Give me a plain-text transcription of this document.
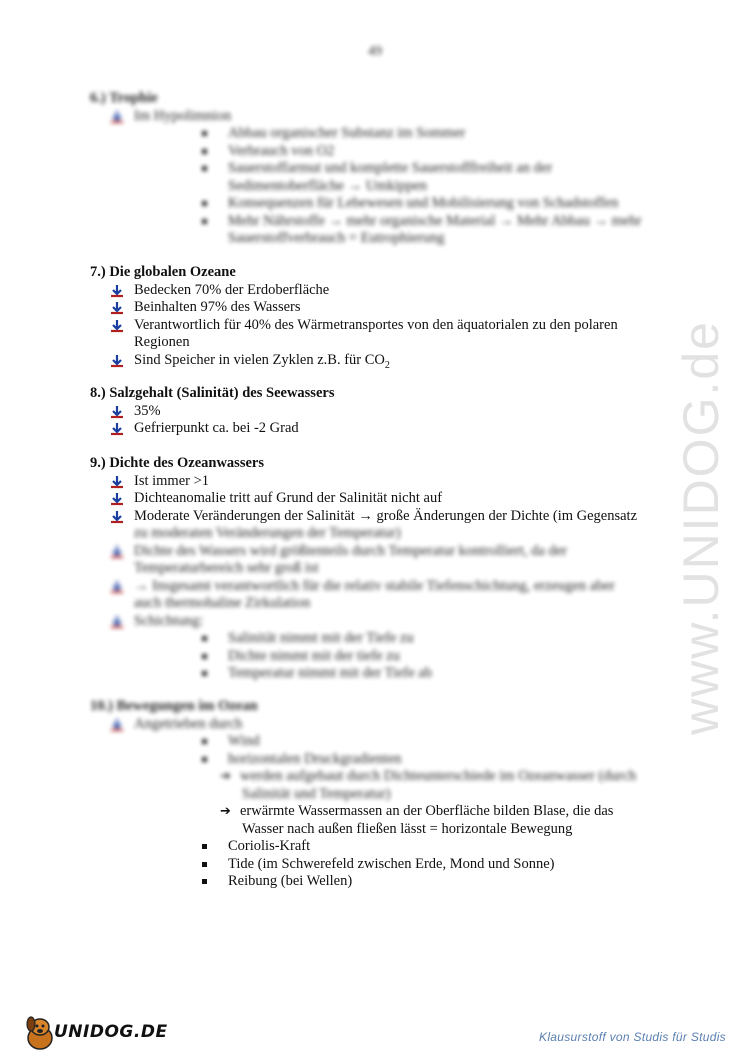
49
www.UNIDOG.de
6.) Trophie
Im Hypolimnion
Abbau organischer Substanz im Sommer
Verbrauch von O2
Sauerstoffarmut und komplette Sauerstofffreiheit an der
Sedimentoberfläche → Umkippen
Konsequenzen für Lebewesen und Mobilisierung von Schadstoffen
Mehr Nährstoffe → mehr organische Material → Mehr Abbau → mehr
Sauerstoffverbrauch = Eutrophierung
7.) Die globalen Ozeane
Bedecken 70% der Erdoberfläche
Beinhalten 97% des Wassers
Verantwortlich für 40% des Wärmetransportes von den äquatorialen zu den polaren
Regionen
Sind Speicher in vielen Zyklen z.B. für $CO_2$
8.) Salzgehalt (Salinität) des Seewassers
35%
Gefrierpunkt ca. bei -2 Grad
9.) Dichte des Ozeanwassers
Ist immer >1
Dichteanomalie tritt auf Grund der Salinität nicht auf
Moderate Veränderungen der Salinität → große Änderungen der Dichte (im Gegensatz
zu moderaten Veränderungen der Temperatur)
Dichte des Wassers wird größtenteils durch Temperatur kontrolliert, da der
Temperaturbereich sehr groß ist
→ Insgesamt verantwortlich für die relativ stabile Tiefenschichtung, erzeugen aber
auch thermohaline Zirkulation
Schichtung:
Salinität nimmt mit der Tiefe zu
Dichte nimmt mit der tiefe zu
Temperatur nimmt mit der Tiefe ab
10.) Bewegungen im Ozean
Angetrieben durch
Wind
horizontalen Druckgradienten
➔ werden aufgebaut durch Dichteunterschiede im Ozeanwasser (durch
Salinität und Temperatur)
➔ erwärmte Wassermassen an der Oberfläche bilden Blase, die das
Wasser nach außen fließen lässt = horizontale Bewegung
Coriolis-Kraft
Tide (im Schwerefeld zwischen Erde, Mond und Sonne)
Reibung (bei Wellen)
UNIDOG.DE	Klausurstoff von Studis für Studis
